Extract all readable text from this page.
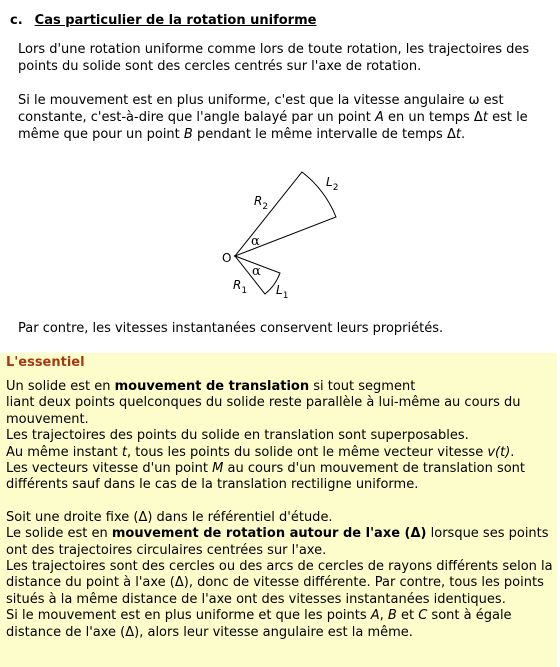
c. Cas particulier de la rotation uniforme

Lors d'une rotation uniforme comme lors de toute rotation, les trajectoires des points du solide sont des cercles centrés sur l'axe de rotation.

Si le mouvement est en plus uniforme, c'est que la vitesse angulaire ω est constante, c'est-à-dire que l'angle balayé par un point A en un temps Δt est le même que pour un point B pendant le même intervalle de temps Δt.

O
α
α
$R_2$
$L_2$
$R_1$ $L_1$

Par contre, les vitesses instantanées conservent leurs propriétés.

L'essentiel

Un solide est en mouvement de translation si tout segment

liant deux points quelconques du solide reste parallèle à lui-même au cours du mouvement.

Les trajectoires des points du solide en translation sont superposables.

Au même instant t, tous les points du solide ont le même vecteur vitesse v(t).

Les vecteurs vitesse d'un point M au cours d'un mouvement de translation sont différents sauf dans le cas de la translation rectiligne uniforme.

Soit une droite fixe (Δ) dans le référentiel d'étude.

Le solide est en mouvement de rotation autour de l'axe (Δ) lorsque ses points ont des trajectoires circulaires centrées sur l'axe.

Les trajectoires sont des cercles ou des arcs de cercles de rayons différents selon la distance du point à l'axe (Δ), donc de vitesse différente. Par contre, tous les points situés à la même distance de l'axe ont des vitesses instantanées identiques.

Si le mouvement est en plus uniforme et que les points A, B et C sont à égale distance de l'axe (Δ), alors leur vitesse angulaire est la même.
